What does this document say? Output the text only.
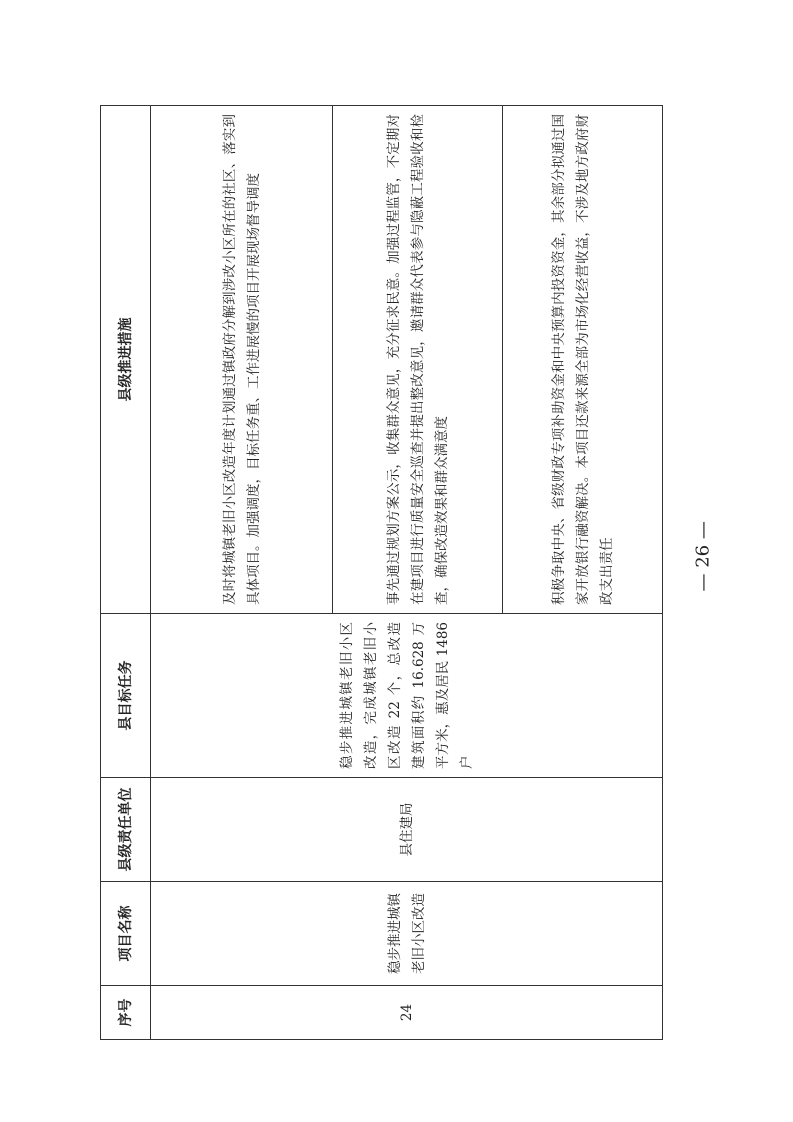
序号	项目名称	县级责任单位	县目标任务	县级推进措施
24	稳步推进城镇老旧小区改造	县住建局	稳步推进城镇老旧小区改造，完成城镇老旧小区改造 22 个，总改造建筑面积约 16.628 万平方米，惠及居民 1486 户	及时将城镇老旧小区改造年度计划通过镇政府分解到涉改小区所在的社区、落实到具体项目。加强调度，目标任务重、工作进展慢的项目开展现场督导调度
				事先通过规划方案公示，收集群众意见，充分征求民意。加强过程监管，不定期对在建项目进行质量安全巡查并提出整改意见，邀请群众代表参与隐蔽工程验收和检查，确保改造效果和群众满意度
				积极争取中央、省级财政专项补助资金和中央预算内投资资金，其余部分拟通过国家开放银行融资解决。本项目还款来源全部为市场化经营收益，不涉及地方政府财政支出责任	— 26 —
